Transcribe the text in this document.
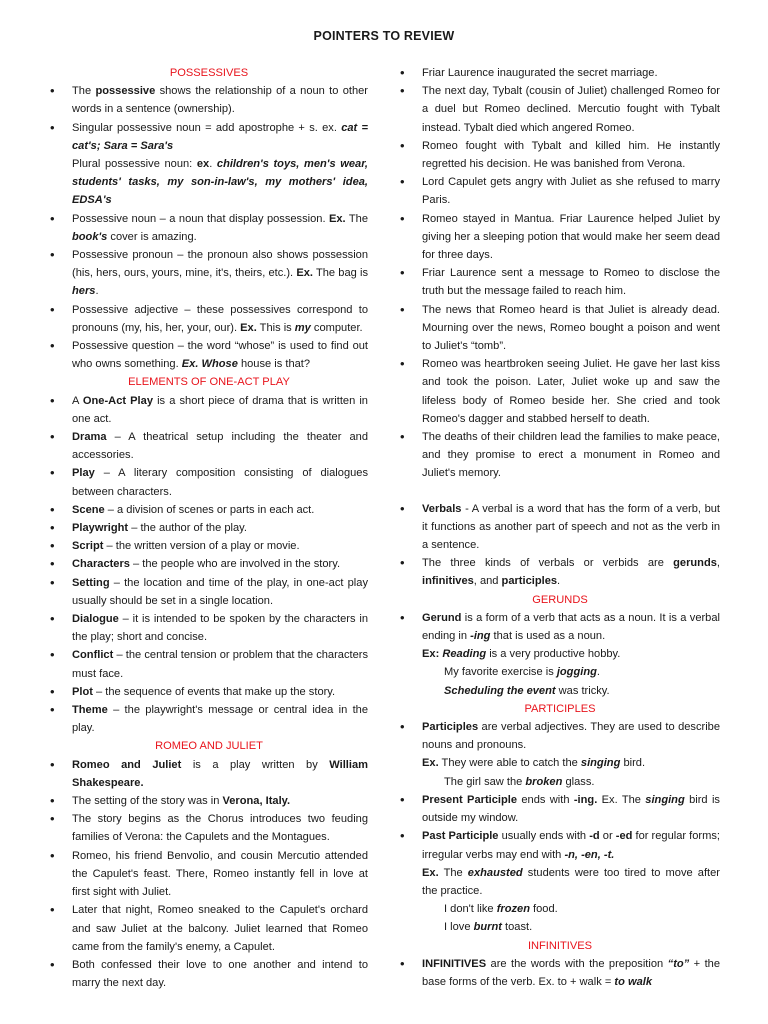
POINTERS TO REVIEW
POSSESSIVES
• The possessive shows the relationship of a noun to other words in a sentence (ownership).
• Singular possessive noun = add apostrophe + s. ex. cat = cat's; Sara = Sara's
Plural possessive noun: ex. children's toys, men's wear, students' tasks, my son-in-law's, my mothers' idea, EDSA's
• Possessive noun – a noun that display possession. Ex. The book's cover is amazing.
• Possessive pronoun – the pronoun also shows possession (his, hers, ours, yours, mine, it's, theirs, etc.). Ex. The bag is hers.
• Possessive adjective – these possessives correspond to pronouns (my, his, her, your, our). Ex. This is my computer.
• Possessive question – the word “whose” is used to find out who owns something. Ex. Whose house is that?
ELEMENTS OF ONE-ACT PLAY
• A One-Act Play is a short piece of drama that is written in one act.
• Drama – A theatrical setup including the theater and accessories.
• Play – A literary composition consisting of dialogues between characters.
• Scene – a division of scenes or parts in each act.
• Playwright – the author of the play.
• Script – the written version of a play or movie.
• Characters – the people who are involved in the story.
• Setting – the location and time of the play, in one-act play usually should be set in a single location.
• Dialogue – it is intended to be spoken by the characters in the play; short and concise.
• Conflict – the central tension or problem that the characters must face.
• Plot – the sequence of events that make up the story.
• Theme – the playwright's message or central idea in the play.
ROMEO AND JULIET
• Romeo and Juliet is a play written by William Shakespeare.
• The setting of the story was in Verona, Italy.
• The story begins as the Chorus introduces two feuding families of Verona: the Capulets and the Montagues.
• Romeo, his friend Benvolio, and cousin Mercutio attended the Capulet's feast. There, Romeo instantly fell in love at first sight with Juliet.
• Later that night, Romeo sneaked to the Capulet's orchard and saw Juliet at the balcony. Juliet learned that Romeo came from the family's enemy, a Capulet.
• Both confessed their love to one another and intend to marry the next day.
• Friar Laurence inaugurated the secret marriage.
• The next day, Tybalt (cousin of Juliet) challenged Romeo for a duel but Romeo declined. Mercutio fought with Tybalt instead. Tybalt died which angered Romeo.
• Romeo fought with Tybalt and killed him. He instantly regretted his decision. He was banished from Verona.
• Lord Capulet gets angry with Juliet as she refused to marry Paris.
• Romeo stayed in Mantua. Friar Laurence helped Juliet by giving her a sleeping potion that would make her seem dead for three days.
• Friar Laurence sent a message to Romeo to disclose the truth but the message failed to reach him.
• The news that Romeo heard is that Juliet is already dead. Mourning over the news, Romeo bought a poison and went to Juliet's “tomb”.
• Romeo was heartbroken seeing Juliet. He gave her last kiss and took the poison. Later, Juliet woke up and saw the lifeless body of Romeo beside her. She cried and took Romeo's dagger and stabbed herself to death.
• The deaths of their children lead the families to make peace, and they promise to erect a monument in Romeo and Juliet's memory.
• Verbals - A verbal is a word that has the form of a verb, but it functions as another part of speech and not as the verb in a sentence.
• The three kinds of verbals or verbids are gerunds, infinitives, and participles.
GERUNDS
• Gerund is a form of a verb that acts as a noun. It is a verbal ending in -ing that is used as a noun.
Ex: Reading is a very productive hobby.
My favorite exercise is jogging.
Scheduling the event was tricky.
PARTICIPLES
• Participles are verbal adjectives. They are used to describe nouns and pronouns.
Ex. They were able to catch the singing bird.
The girl saw the broken glass.
• Present Participle ends with -ing. Ex. The singing bird is outside my window.
• Past Participle usually ends with -d or -ed for regular forms; irregular verbs may end with -n, -en, -t.
Ex. The exhausted students were too tired to move after the practice.
I don't like frozen food.
I love burnt toast.
INFINITIVES
• INFINITIVES are the words with the preposition “to” + the base forms of the verb. Ex. to + walk = to walk
